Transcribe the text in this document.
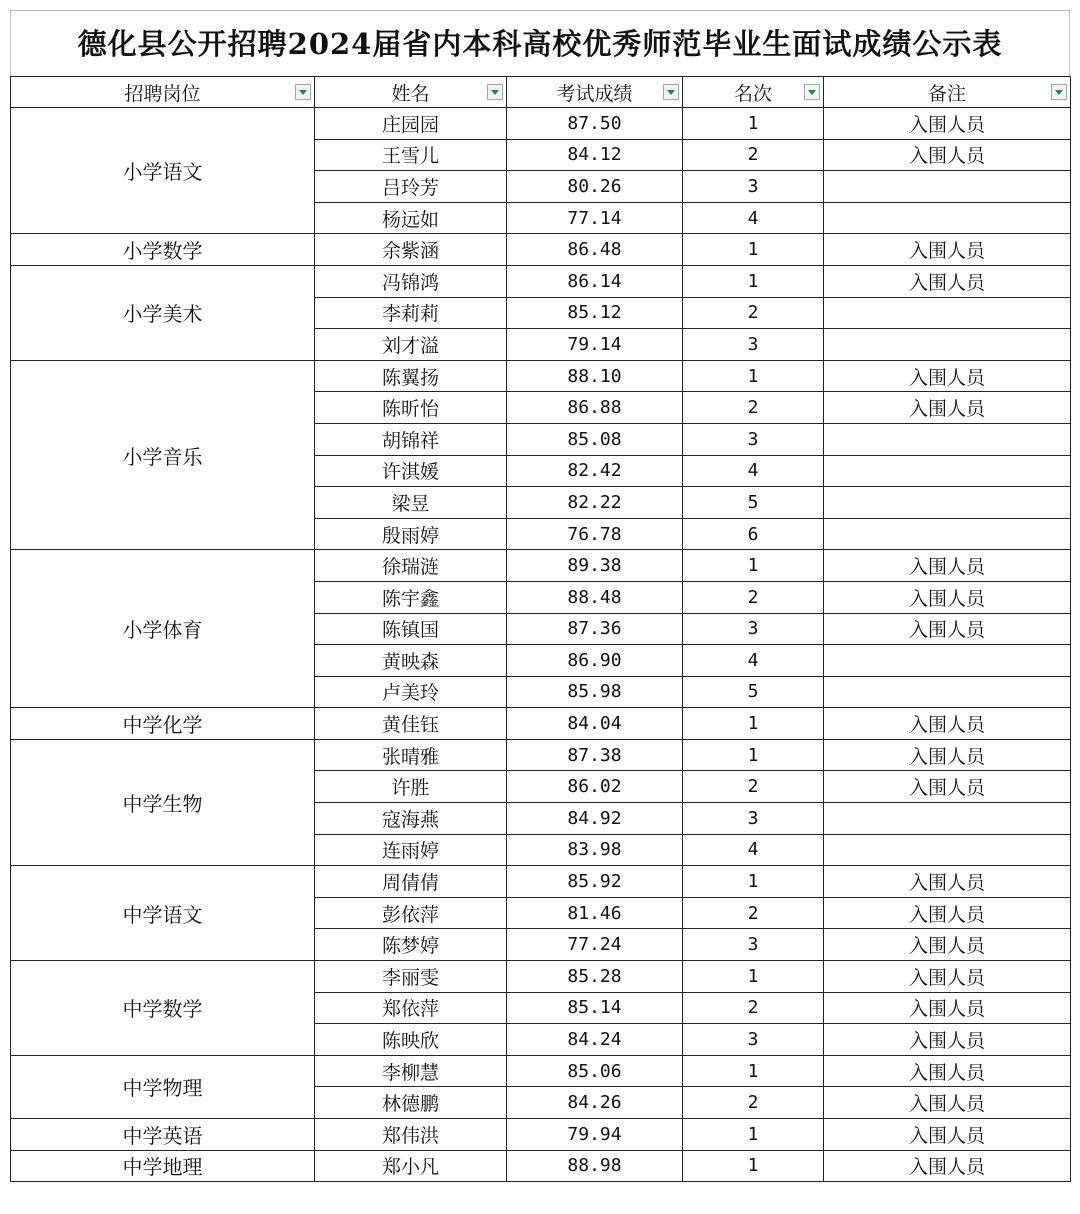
德化县公开招聘2024届省内本科高校优秀师范毕业生面试成绩公示表
招聘岗位	姓名	考试成绩	名次	备注

小学语文	庄园园	87.50	1	入围人员
	王雪儿	84.12	2	入围人员
	吕玲芳	80.26	3	
	杨远如	77.14	4	
小学数学	余紫涵	86.48	1	入围人员
小学美术	冯锦鸿	86.14	1	入围人员
	李莉莉	85.12	2	
	刘才溢	79.14	3	
小学音乐	陈翼扬	88.10	1	入围人员
	陈昕怡	86.88	2	入围人员
	胡锦祥	85.08	3	
	许淇媛	82.42	4	
	梁昱	82.22	5	
	殷雨婷	76.78	6	
小学体育	徐瑞涟	89.38	1	入围人员
	陈宇鑫	88.48	2	入围人员
	陈镇国	87.36	3	入围人员
	黄映森	86.90	4	
	卢美玲	85.98	5	
中学化学	黄佳钰	84.04	1	入围人员
中学生物	张晴雅	87.38	1	入围人员
	许胜	86.02	2	入围人员
	寇海燕	84.92	3	
	连雨婷	83.98	4	
中学语文	周倩倩	85.92	1	入围人员
	彭依萍	81.46	2	入围人员
	陈梦婷	77.24	3	入围人员
中学数学	李丽雯	85.28	1	入围人员
	郑依萍	85.14	2	入围人员
	陈映欣	84.24	3	入围人员
中学物理	李柳慧	85.06	1	入围人员
	林德鹏	84.26	2	入围人员
中学英语	郑伟洪	79.94	1	入围人员
中学地理	郑小凡	88.98	1	入围人员
